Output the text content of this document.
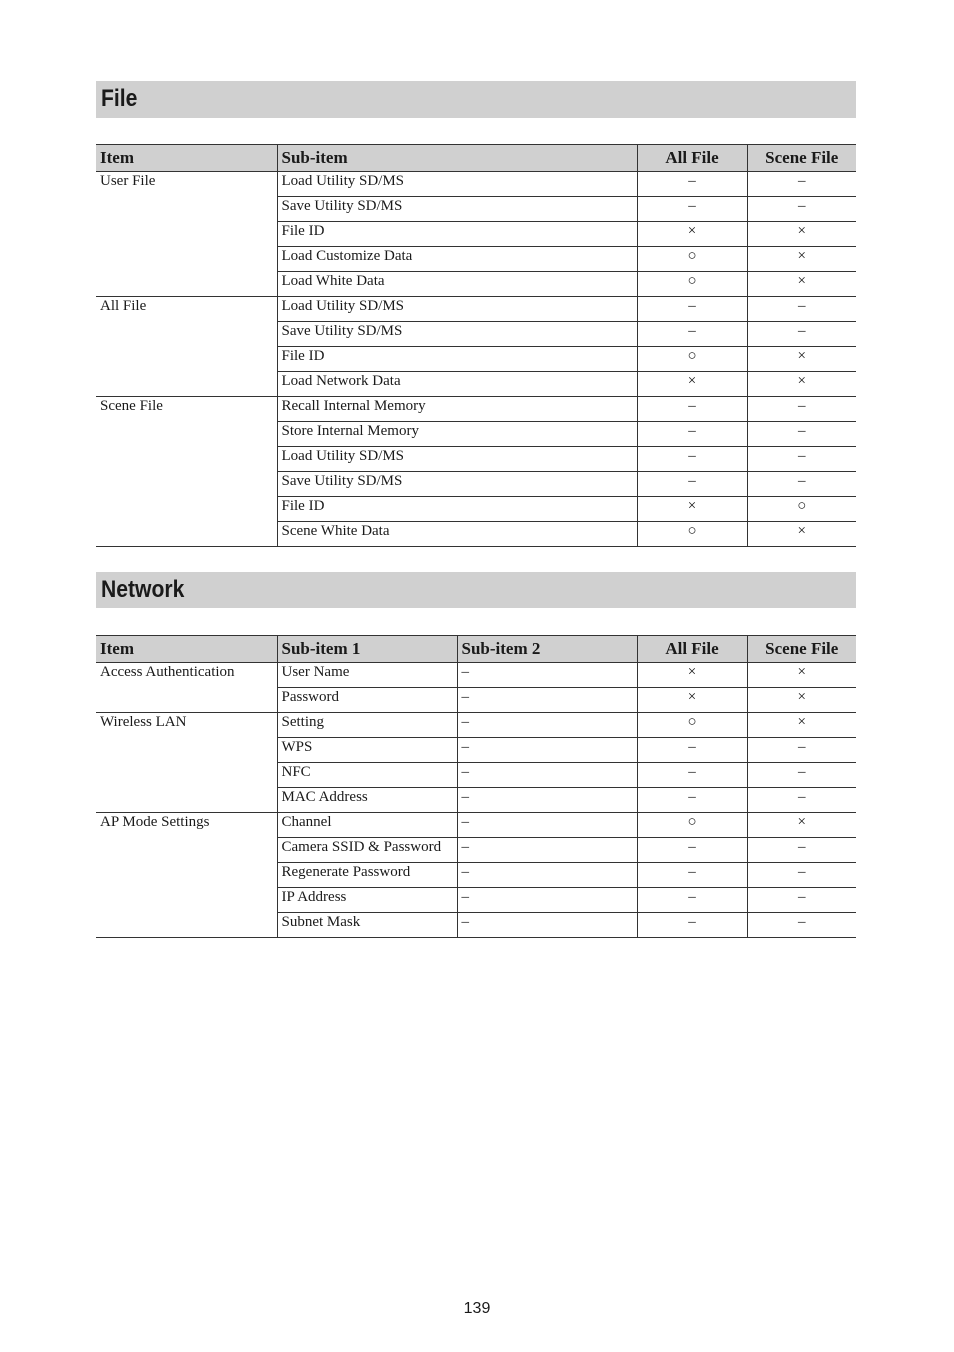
File
Item	Sub-item	All File	Scene File
User File	Load Utility SD/MS	–	–
	Save Utility SD/MS	–	–
	File ID	×	×
	Load Customize Data	○	×
	Load White Data	○	×
All File	Load Utility SD/MS	–	–
	Save Utility SD/MS	–	–
	File ID	○	×
	Load Network Data	×	×
Scene File	Recall Internal Memory	–	–
	Store Internal Memory	–	–
	Load Utility SD/MS	–	–
	Save Utility SD/MS	–	–
	File ID	×	○
	Scene White Data	○	×
Network
Item	Sub-item 1	Sub-item 2	All File	Scene File
Access Authentication	User Name	–	×	×
	Password	–	×	×
Wireless LAN	Setting	–	○	×
	WPS	–	–	–
	NFC	–	–	–
	MAC Address	–	–	–
AP Mode Settings	Channel	–	○	×
	Camera SSID & Password	–	–	–
	Regenerate Password	–	–	–
	IP Address	–	–	–
	Subnet Mask	–	–	–
139
